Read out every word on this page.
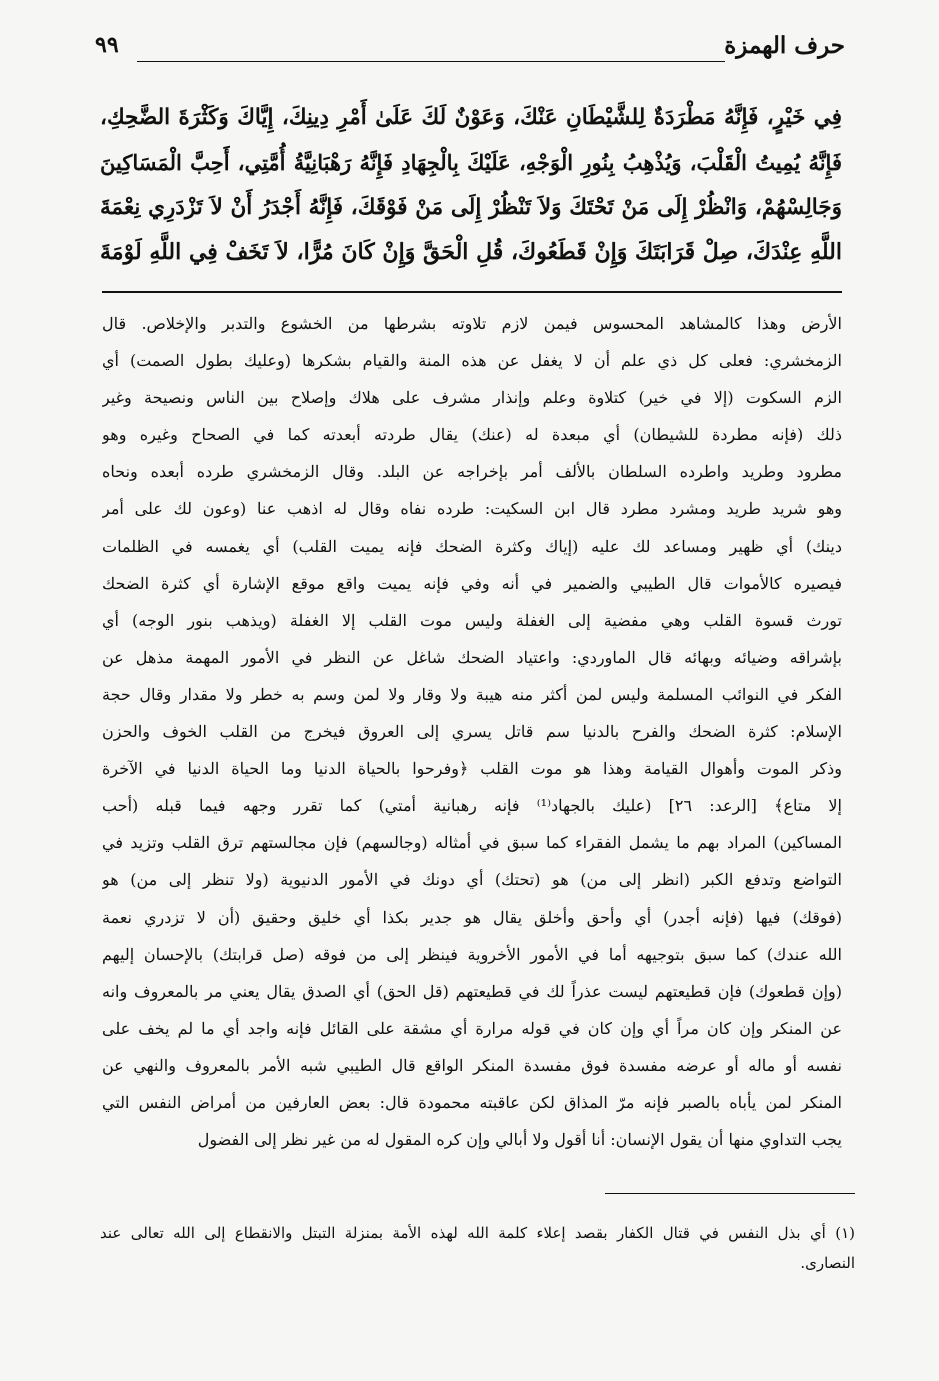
حرف الهمزة
٩٩

فِي خَيْرٍ، فَإِنَّهُ مَطْرَدَةٌ لِلشَّيْطَانِ عَنْكَ، وَعَوْنٌ لَكَ عَلَىٰ أَمْرِ دِينِكَ، إِيَّاكَ وَكَثْرَةَ الضَّحِكِ،

فَإِنَّهُ يُمِيتُ الْقَلْبَ، وَيُذْهِبُ بِنُورِ الْوَجْهِ، عَلَيْكَ بِالْجِهَادِ فَإِنَّهُ رَهْبَانِيَّةُ أُمَّتِي، أَحِبَّ الْمَسَاكِينَ

وَجَالِسْهُمْ، وَانْظُرْ إِلَى مَنْ تَحْتَكَ وَلاَ تَنْظُرْ إِلَى مَنْ فَوْقَكَ، فَإِنَّهُ أَجْدَرُ أَنْ لاَ تَزْدَرِي نِعْمَةَ

اللَّهِ عِنْدَكَ، صِلْ قَرَابَتَكَ وَإِنْ قَطَعُوكَ، قُلِ الْحَقَّ وَإِنْ كَانَ مُرًّا، لاَ تَخَفْ فِي اللَّهِ لَوْمَةَ

الأرض وهذا كالمشاهد المحسوس فيمن لازم تلاوته بشرطها من الخشوع والتدبر والإخلاص. قال

الزمخشري: فعلى كل ذي علم أن لا يغفل عن هذه المنة والقيام بشكرها (وعليك بطول الصمت) أي

الزم السكوت (إلا في خير) كتلاوة وعلم وإنذار مشرف على هلاك وإصلاح بين الناس ونصيحة وغير

ذلك (فإنه مطردة للشيطان) أي مبعدة له (عنك) يقال طردته أبعدته كما في الصحاح وغيره وهو

مطرود وطريد واطرده السلطان بالألف أمر بإخراجه عن البلد. وقال الزمخشري طرده أبعده ونحاه

وهو شريد طريد ومشرد مطرد قال ابن السكيت: طرده نفاه وقال له اذهب عنا (وعون لك على أمر

دينك) أي ظهير ومساعد لك عليه (إياك وكثرة الضحك فإنه يميت القلب) أي يغمسه في الظلمات

فيصيره كالأموات قال الطيبي والضمير في أنه وفي فإنه يميت واقع موقع الإشارة أي كثرة الضحك

تورث قسوة القلب وهي مفضية إلى الغفلة وليس موت القلب إلا الغفلة (ويذهب بنور الوجه) أي

بإشراقه وضيائه وبهائه قال الماوردي: واعتياد الضحك شاغل عن النظر في الأمور المهمة مذهل عن

الفكر في النوائب المسلمة وليس لمن أكثر منه هيبة ولا وقار ولا لمن وسم به خطر ولا مقدار وقال حجة

الإسلام: كثرة الضحك والفرح بالدنيا سم قاتل يسري إلى العروق فيخرج من القلب الخوف والحزن

وذكر الموت وأهوال القيامة وهذا هو موت القلب ﴿وفرحوا بالحياة الدنيا وما الحياة الدنيا في الآخرة

إلا متاع﴾ [الرعد: ٢٦] (عليك بالجهاد⁽¹⁾ فإنه رهبانية أمتي) كما تقرر وجهه فيما قبله (أحب

المساكين) المراد بهم ما يشمل الفقراء كما سبق في أمثاله (وجالسهم) فإن مجالستهم ترق القلب وتزيد في

التواضع وتدفع الكبر (انظر إلى من) هو (تحتك) أي دونك في الأمور الدنيوية (ولا تنظر إلى من) هو

(فوقك) فيها (فإنه أجدر) أي وأحق وأخلق يقال هو جدير بكذا أي خليق وحقيق (أن لا تزدري نعمة

الله عندك) كما سبق بتوجيهه أما في الأمور الأخروية فينظر إلى من فوقه (صل قرابتك) بالإحسان إليهم

(وإن قطعوك) فإن قطيعتهم ليست عذراً لك في قطيعتهم (قل الحق) أي الصدق يقال يعني مر بالمعروف وانه

عن المنكر وإن كان مراً أي وإن كان في قوله مرارة أي مشقة على القائل فإنه واجد أي ما لم يخف على

نفسه أو ماله أو عرضه مفسدة فوق مفسدة المنكر الواقع قال الطيبي شبه الأمر بالمعروف والنهي عن

المنكر لمن يأباه بالصبر فإنه مرّ المذاق لكن عاقبته محمودة قال: بعض العارفين من أمراض النفس التي

يجب التداوي منها أن يقول الإنسان: أنا أقول ولا أبالي وإن كره المقول له من غير نظر إلى الفضول

(١) أي بذل النفس في قتال الكفار بقصد إعلاء كلمة الله لهذه الأمة بمنزلة التبتل والانقطاع إلى الله تعالى عند

النصارى.
